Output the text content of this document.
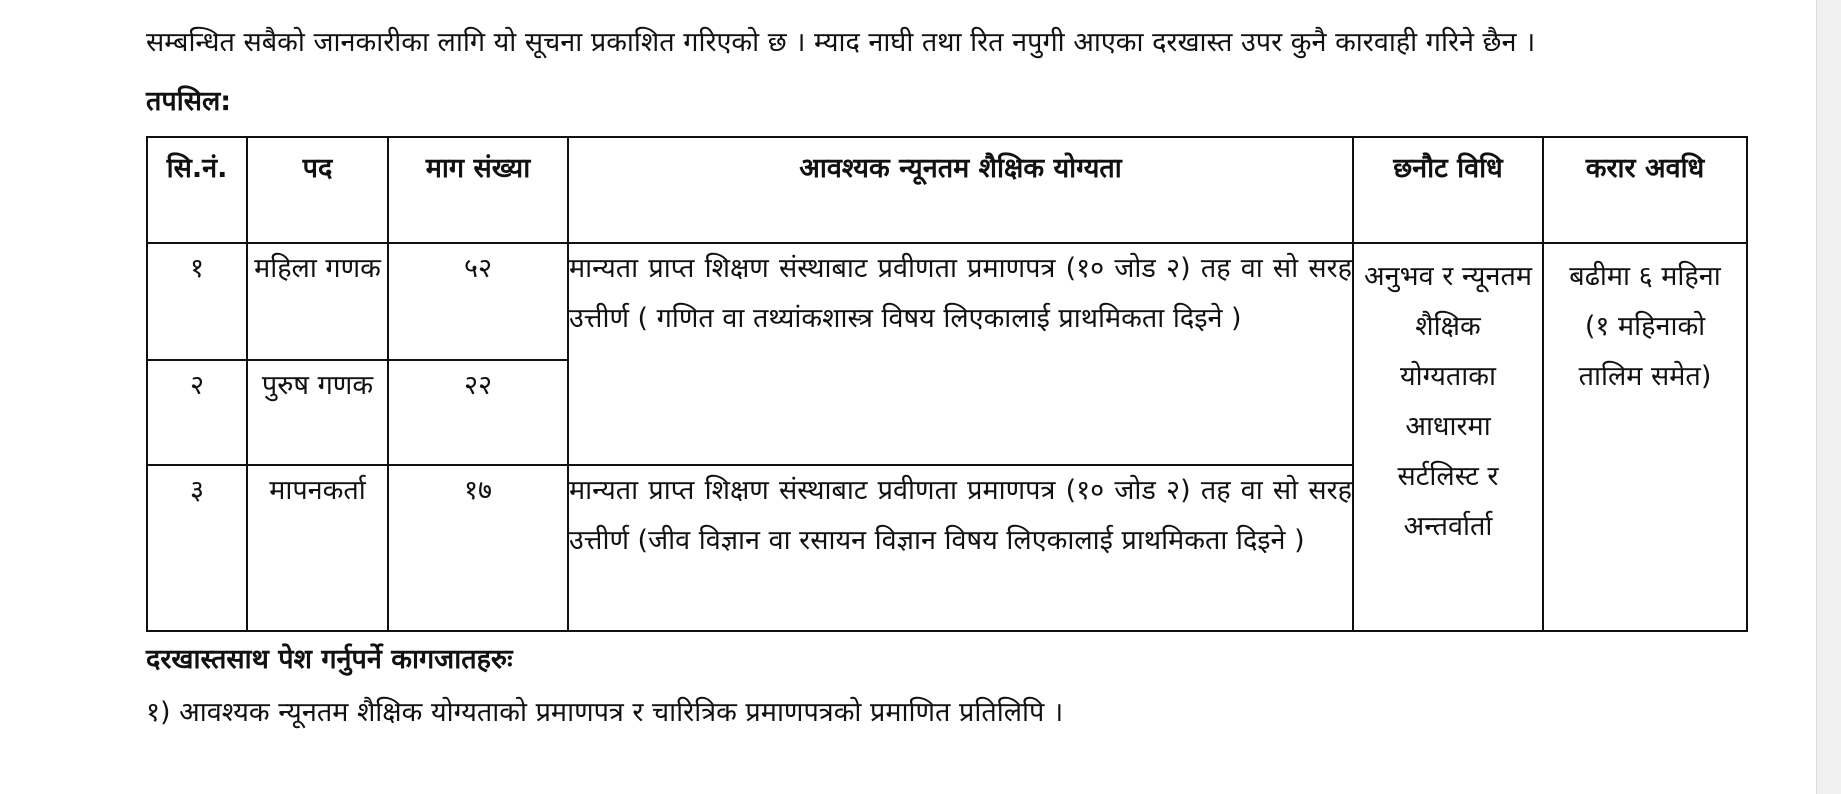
सम्बन्धित सबैको जानकारीका लागि यो सूचना प्रकाशित गरिएको छ । म्याद नाघी तथा रित नपुगी आएका दरखास्त उपर कुनै कारवाही गरिने छैन ।

तपसिल:

सि.नं.	पद	माग संख्या	आवश्यक न्यूनतम शैक्षिक योग्यता	छनौट विधि	करार अवधि
१	महिला गणक	५२	मान्यता प्राप्त शिक्षण संस्थाबाट प्रवीणता प्रमाणपत्र (१० जोड २) तह वा सो सरह उत्तीर्ण ( गणित वा तथ्यांकशास्त्र विषय लिएकालाई प्राथमिकता दिइने )	अनुभव र न्यूनतम शैक्षिक योग्यताका आधारमा सर्टलिस्ट र अन्तर्वार्ता	बढीमा ६ महिना (१ महिनाको तालिम समेत)
२	पुरुष गणक	२२			
३	मापनकर्ता	१७	मान्यता प्राप्त शिक्षण संस्थाबाट प्रवीणता प्रमाणपत्र (१० जोड २) तह वा सो सरह उत्तीर्ण (जीव विज्ञान वा रसायन विज्ञान विषय लिएकालाई प्राथमिकता दिइने )		

दरखास्तसाथ पेश गर्नुपर्ने कागजातहरुः

१) आवश्यक न्यूनतम शैक्षिक योग्यताको प्रमाणपत्र र चारित्रिक प्रमाणपत्रको प्रमाणित प्रतिलिपि ।
